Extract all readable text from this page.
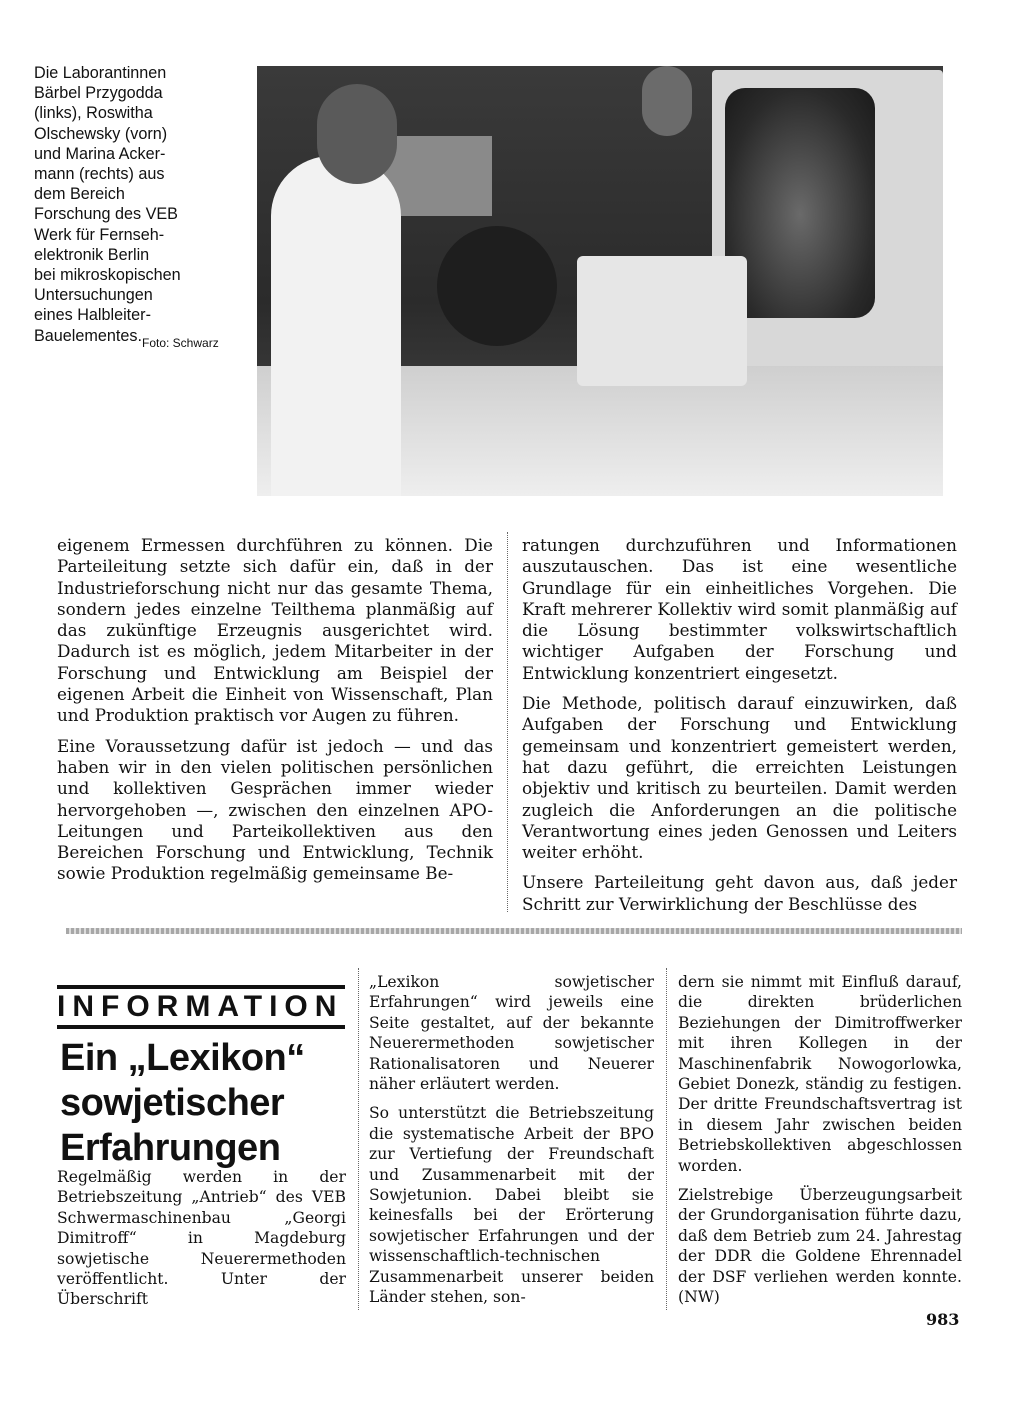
Die Laborantinnen

Bärbel Przygodda

(links), Roswitha

Olschewsky (vorn)

und Marina Acker-

mann (rechts) aus

dem Bereich

Forschung des VEB

Werk für Fernseh-

elektronik Berlin

bei mikroskopischen

Untersuchungen

eines Halbleiter-

Bauelementes. Foto: Schwarz

eigenem Ermessen durchführen zu können. Die Parteileitung setzte sich dafür ein, daß in der Industrieforschung nicht nur das gesamte Thema, sondern jedes einzelne Teilthema planmäßig auf das zukünftige Erzeugnis ausgerichtet wird. Dadurch ist es möglich, jedem Mitarbeiter in der Forschung und Entwicklung am Beispiel der eigenen Arbeit die Einheit von Wissenschaft, Plan und Produktion praktisch vor Augen zu führen.

Eine Voraussetzung dafür ist jedoch — und das haben wir in den vielen politischen persönlichen und kollektiven Gesprächen immer wieder hervorgehoben —, zwischen den einzelnen APO-Leitungen und Parteikollektiven aus den Bereichen Forschung und Entwicklung, Technik sowie Produktion regelmäßig gemeinsame Be-

ratungen durchzuführen und Informationen auszutauschen. Das ist eine wesentliche Grundlage für ein einheitliches Vorgehen. Die Kraft mehrerer Kollektiv wird somit planmäßig auf die Lösung bestimmter volkswirtschaftlich wichtiger Aufgaben der Forschung und Entwicklung konzentriert eingesetzt.

Die Methode, politisch darauf einzuwirken, daß Aufgaben der Forschung und Entwicklung gemeinsam und konzentriert gemeistert werden, hat dazu geführt, die erreichten Leistungen objektiv und kritisch zu beurteilen. Damit werden zugleich die Anforderungen an die politische Verantwortung eines jeden Genossen und Leiters weiter erhöht.

Unsere Parteileitung geht davon aus, daß jeder Schritt zur Verwirklichung der Beschlüsse des

INFORMATION
Ein „Lexikon“
sowjetischer
Erfahrungen

Regelmäßig werden in der Betriebszeitung „Antrieb“ des VEB Schwermaschinenbau „Georgi Dimitroff“ in Magdeburg sowjetische Neuerermethoden veröffentlicht. Unter der Überschrift

„Lexikon sowjetischer Erfahrungen“ wird jeweils eine Seite gestaltet, auf der bekannte Neuerermethoden sowjetischer Rationalisatoren und Neuerer näher erläutert werden.

So unterstützt die Betriebszeitung die systematische Arbeit der BPO zur Vertiefung der Freundschaft und Zusammenarbeit mit der Sowjetunion. Dabei bleibt sie keinesfalls bei der Erörterung sowjetischer Erfahrungen und der wissenschaftlich-technischen Zusammenarbeit unserer beiden Länder stehen, son-

dern sie nimmt mit Einfluß darauf, die direkten brüderlichen Beziehungen der Dimitroffwerker mit ihren Kollegen in der Maschinenfabrik Nowogorlowka, Gebiet Donezk, ständig zu festigen. Der dritte Freundschaftsvertrag ist in diesem Jahr zwischen beiden Betriebskollektiven abgeschlossen worden.

Zielstrebige Überzeugungsarbeit der Grundorganisation führte dazu, daß dem Betrieb zum 24. Jahrestag der DDR die Goldene Ehrennadel der DSF verliehen werden konnte. (NW)

983
